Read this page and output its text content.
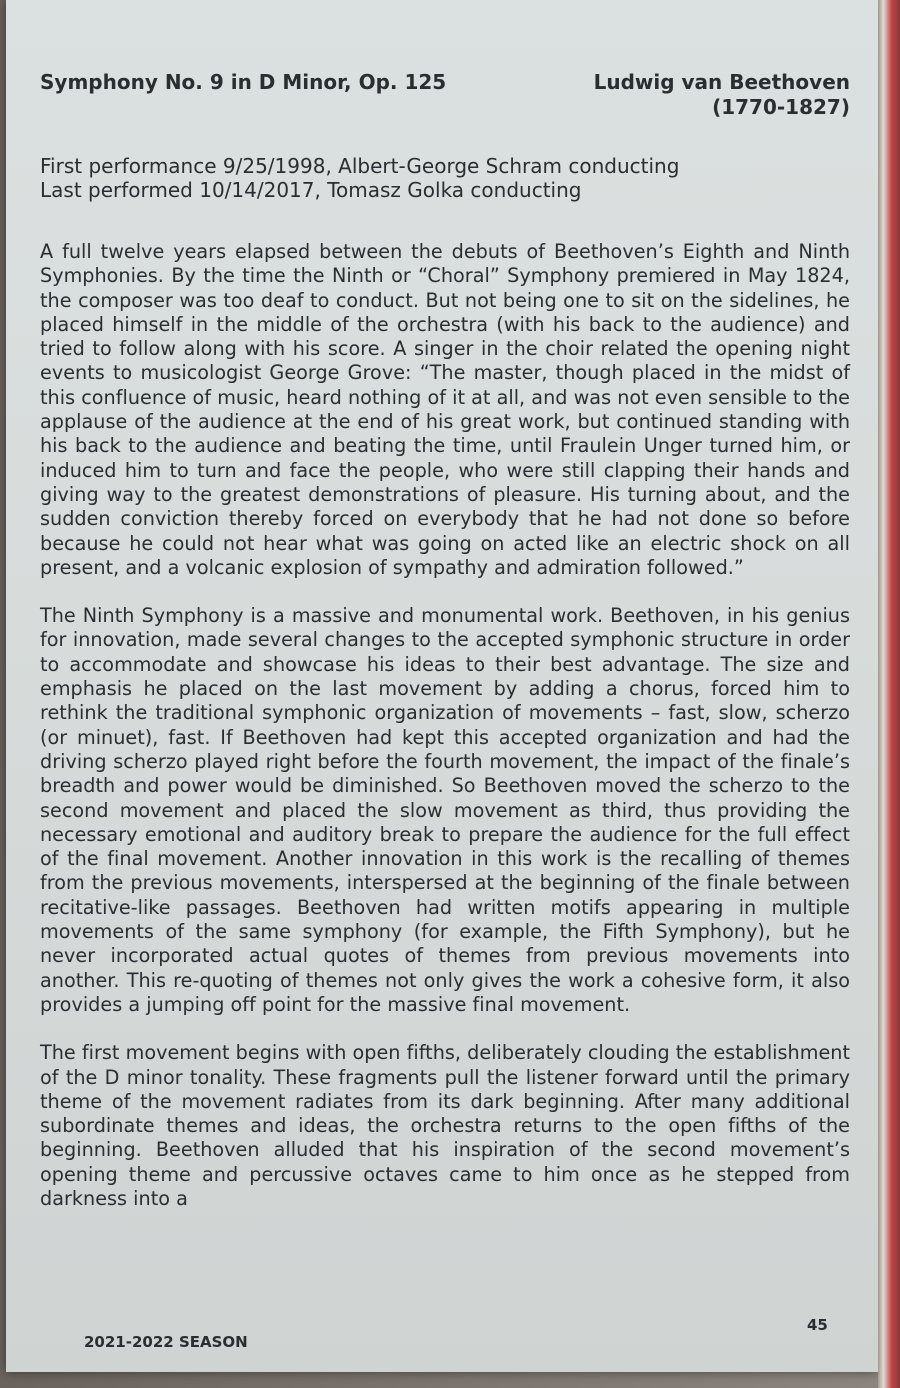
Symphony No. 9 in D Minor, Op. 125	Ludwig van Beethoven
(1770-1827)

First performance 9/25/1998, Albert-George Schram conducting

Last performed 10/14/2017, Tomasz Golka conducting

A full twelve years elapsed between the debuts of Beethoven’s Eighth and Ninth Symphonies. By the time the Ninth or “Choral” Symphony premiered in May 1824, the composer was too deaf to conduct. But not being one to sit on the sidelines, he placed himself in the middle of the orchestra (with his back to the audience) and tried to follow along with his score. A singer in the choir related the opening night events to musicologist George Grove: “The master, though placed in the midst of this confluence of music, heard nothing of it at all, and was not even sensible to the applause of the audience at the end of his great work, but continued standing with his back to the audience and beating the time, until Fraulein Unger turned him, or induced him to turn and face the people, who were still clapping their hands and giving way to the greatest demonstrations of pleasure. His turning about, and the sudden conviction thereby forced on everybody that he had not done so before because he could not hear what was going on acted like an electric shock on all present, and a volcanic explosion of sympathy and admiration followed.”

The Ninth Symphony is a massive and monumental work. Beethoven, in his genius for innovation, made several changes to the accepted symphonic structure in order to accommodate and showcase his ideas to their best advantage. The size and emphasis he placed on the last movement by adding a chorus, forced him to rethink the traditional symphonic organization of movements – fast, slow, scherzo (or minuet), fast. If Beethoven had kept this accepted organization and had the driving scherzo played right before the fourth movement, the impact of the finale’s breadth and power would be diminished. So Beethoven moved the scherzo to the second movement and placed the slow movement as third, thus providing the necessary emotional and auditory break to prepare the audience for the full effect of the final movement. Another innovation in this work is the recalling of themes from the previous movements, interspersed at the beginning of the finale between recitative-like passages. Beethoven had written motifs appearing in multiple movements of the same symphony (for example, the Fifth Symphony), but he never incorporated actual quotes of themes from previous movements into another. This re-quoting of themes not only gives the work a cohesive form, it also provides a jumping off point for the massive final movement.

The first movement begins with open fifths, deliberately clouding the establishment of the D minor tonality. These fragments pull the listener forward until the primary theme of the movement radiates from its dark beginning. After many additional subordinate themes and ideas, the orchestra returns to the open fifths of the beginning. Beethoven alluded that his inspiration of the second movement’s opening theme and percussive octaves came to him once as he stepped from darkness into a

2021-2022 SEASON
45
